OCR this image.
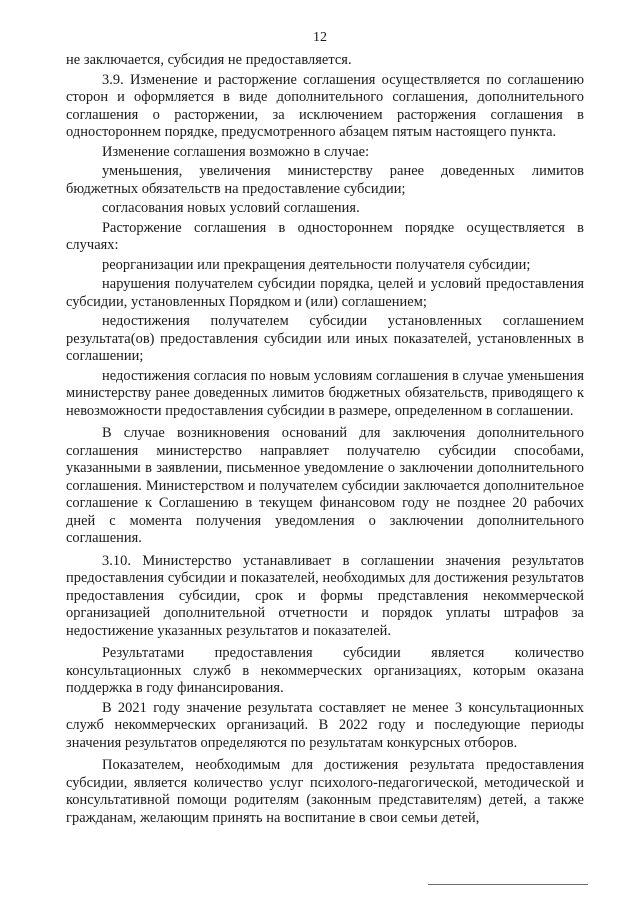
12

не заключается, субсидия не предоставляется.

3.9. Изменение и расторжение соглашения осуществляется по соглашению сторон и оформляется в виде дополнительного соглашения, дополнительного соглашения о расторжении, за исключением расторжения соглашения в одностороннем порядке, предусмотренного абзацем пятым настоящего пункта.

Изменение соглашения возможно в случае:

уменьшения, увеличения министерству ранее доведенных лимитов бюджетных обязательств на предоставление субсидии;

согласования новых условий соглашения.

Расторжение соглашения в одностороннем порядке осуществляется в случаях:

реорганизации или прекращения деятельности получателя субсидии;

нарушения получателем субсидии порядка, целей и условий предоставления субсидии, установленных Порядком и (или) соглашением;

недостижения получателем субсидии установленных соглашением результата(ов) предоставления субсидии или иных показателей, установленных в соглашении;

недостижения согласия по новым условиям соглашения в случае уменьшения министерству ранее доведенных лимитов бюджетных обязательств, приводящего к невозможности предоставления субсидии в размере, определенном в соглашении.

В случае возникновения оснований для заключения дополнительного соглашения министерство направляет получателю субсидии способами, указанными в заявлении, письменное уведомление о заключении дополнительного соглашения. Министерством и получателем субсидии заключается дополнительное соглашение к Соглашению в текущем финансовом году не позднее 20 рабочих дней с момента получения уведомления о заключении дополнительного соглашения.

3.10. Министерство устанавливает в соглашении значения результатов предоставления субсидии и показателей, необходимых для достижения результатов предоставления субсидии, срок и формы представления некоммерческой организацией дополнительной отчетности и порядок уплаты штрафов за недостижение указанных результатов и показателей.

Результатами предоставления субсидии является количество консультационных служб в некоммерческих организациях, которым оказана поддержка в году финансирования.

В 2021 году значение результата составляет не менее 3 консультационных служб некоммерческих организаций. В 2022 году и последующие периоды значения результатов определяются по результатам конкурсных отборов.

Показателем, необходимым для достижения результата предоставления субсидии, является количество услуг психолого-педагогической, методической и консультативной помощи родителям (законным представителям) детей, а также гражданам, желающим принять на воспитание в свои семьи детей,
